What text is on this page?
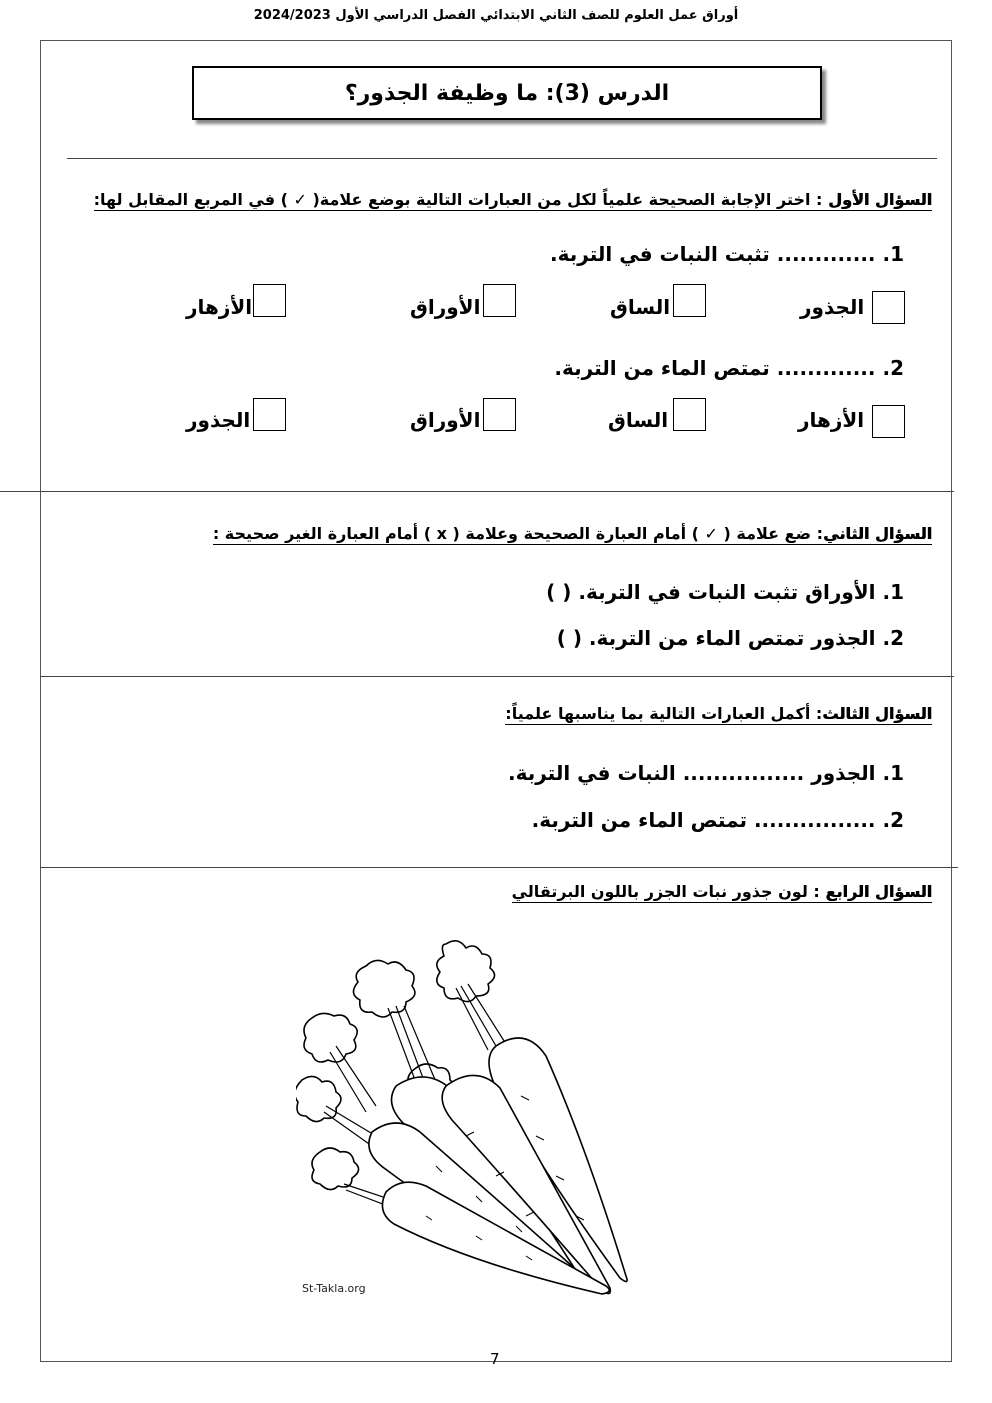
أوراق عمل العلوم للصف الثاني الابتدائي الفصل الدراسي الأول 2024/2023
الدرس (3): ما وظيفة الجذور؟
السؤال الأول : اختر الإجابة الصحيحة علمياً لكل من العبارات التالية بوضع علامة( ✓ ) في المربع المقابل لها:
1. ............. تثبت النبات في التربة.
الجذور
الساق
الأوراق
الأزهار
2. ............. تمتص الماء من التربة.
الأزهار
الساق
الأوراق
الجذور
السؤال الثاني: ضع علامة ( ✓ ) أمام العبارة الصحيحة وعلامة ( x ) أمام العبارة الغير صحيحة :
1. الأوراق تثبت النبات في التربة. ( )
2. الجذور تمتص الماء من التربة. ( )
السؤال الثالث: أكمل العبارات التالية بما يناسبها علمياً:
1. الجذور ................ النبات في التربة.
2. ................ تمتص الماء من التربة.
السؤال الرابع : لون جذور نبات الجزر باللون البرتقالي
St-Takla.org
7
